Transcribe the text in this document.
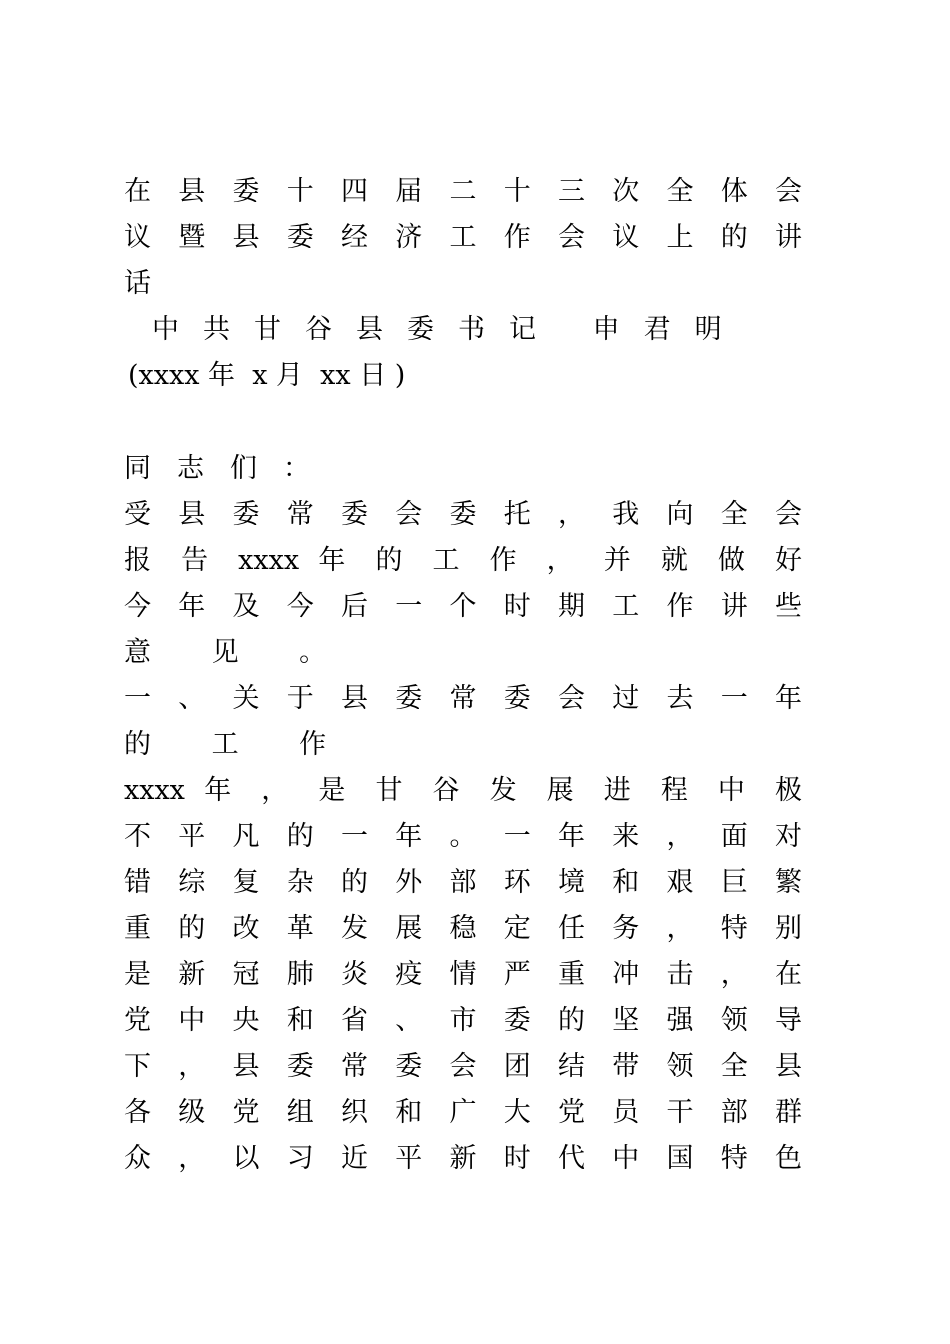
在 县 委 十 四 届 二 十 三 次 全 体 会
议 暨 县 委 经 济 工 作 会 议 上 的 讲
话
中共甘谷县委书记 申君明
(xxxx 年  x 月  xx 日 )
同志们：
受 县 委 常 委 会 委 托 ， 我 向 全 会
报 告 xxxx 年 的 工 作 ， 并 就 做 好
今 年 及 今 后 一 个 时 期 工 作 讲 些
意 见 。
一 、 关 于 县 委 常 委 会 过 去 一 年
的 工 作
xxxx 年 ， 是 甘 谷 发 展 进 程 中 极
不 平 凡 的 一 年 。 一 年 来 ， 面 对
错 综 复 杂 的 外 部 环 境 和 艰 巨 繁
重 的 改 革 发 展 稳 定 任 务 ， 特 别
是 新 冠 肺 炎 疫 情 严 重 冲 击 ， 在
党 中 央 和 省 、 市 委 的 坚 强 领 导
下 ， 县 委 常 委 会 团 结 带 领 全 县
各 级 党 组 织 和 广 大 党 员 干 部 群
众 ， 以 习 近 平 新 时 代 中 国 特 色
